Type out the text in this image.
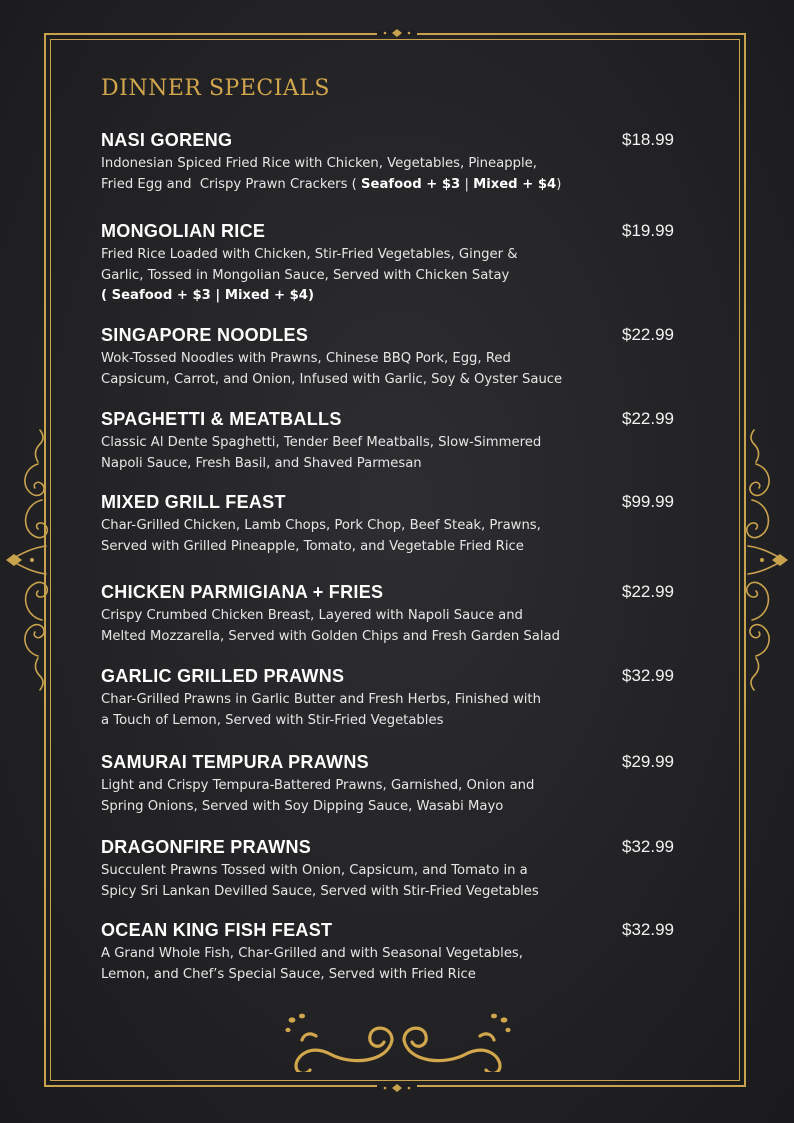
DINNER SPECIALS
NASI GORENG	$18.99
Indonesian Spiced Fried Rice with Chicken, Vegetables, Pineapple,
Fried Egg and  Crispy Prawn Crackers ( Seafood + $3 | Mixed + $4)
MONGOLIAN RICE	$19.99
Fried Rice Loaded with Chicken, Stir-Fried Vegetables, Ginger &
Garlic, Tossed in Mongolian Sauce, Served with Chicken Satay
( Seafood + $3 | Mixed + $4)
SINGAPORE NOODLES	$22.99
Wok-Tossed Noodles with Prawns, Chinese BBQ Pork, Egg, Red
Capsicum, Carrot, and Onion, Infused with Garlic, Soy & Oyster Sauce
SPAGHETTI & MEATBALLS	$22.99
Classic Al Dente Spaghetti, Tender Beef Meatballs, Slow-Simmered
Napoli Sauce, Fresh Basil, and Shaved Parmesan
MIXED GRILL FEAST	$99.99
Char-Grilled Chicken, Lamb Chops, Pork Chop, Beef Steak, Prawns,
Served with Grilled Pineapple, Tomato, and Vegetable Fried Rice
CHICKEN PARMIGIANA + FRIES	$22.99
Crispy Crumbed Chicken Breast, Layered with Napoli Sauce and
Melted Mozzarella, Served with Golden Chips and Fresh Garden Salad
GARLIC GRILLED PRAWNS	$32.99
Char-Grilled Prawns in Garlic Butter and Fresh Herbs, Finished with
a Touch of Lemon, Served with Stir-Fried Vegetables
SAMURAI TEMPURA PRAWNS	$29.99
Light and Crispy Tempura-Battered Prawns, Garnished, Onion and
Spring Onions, Served with Soy Dipping Sauce, Wasabi Mayo
DRAGONFIRE PRAWNS	$32.99
Succulent Prawns Tossed with Onion, Capsicum, and Tomato in a
Spicy Sri Lankan Devilled Sauce, Served with Stir-Fried Vegetables
OCEAN KING FISH FEAST	$32.99
A Grand Whole Fish, Char-Grilled and with Seasonal Vegetables,
Lemon, and Chef’s Special Sauce, Served with Fried Rice
